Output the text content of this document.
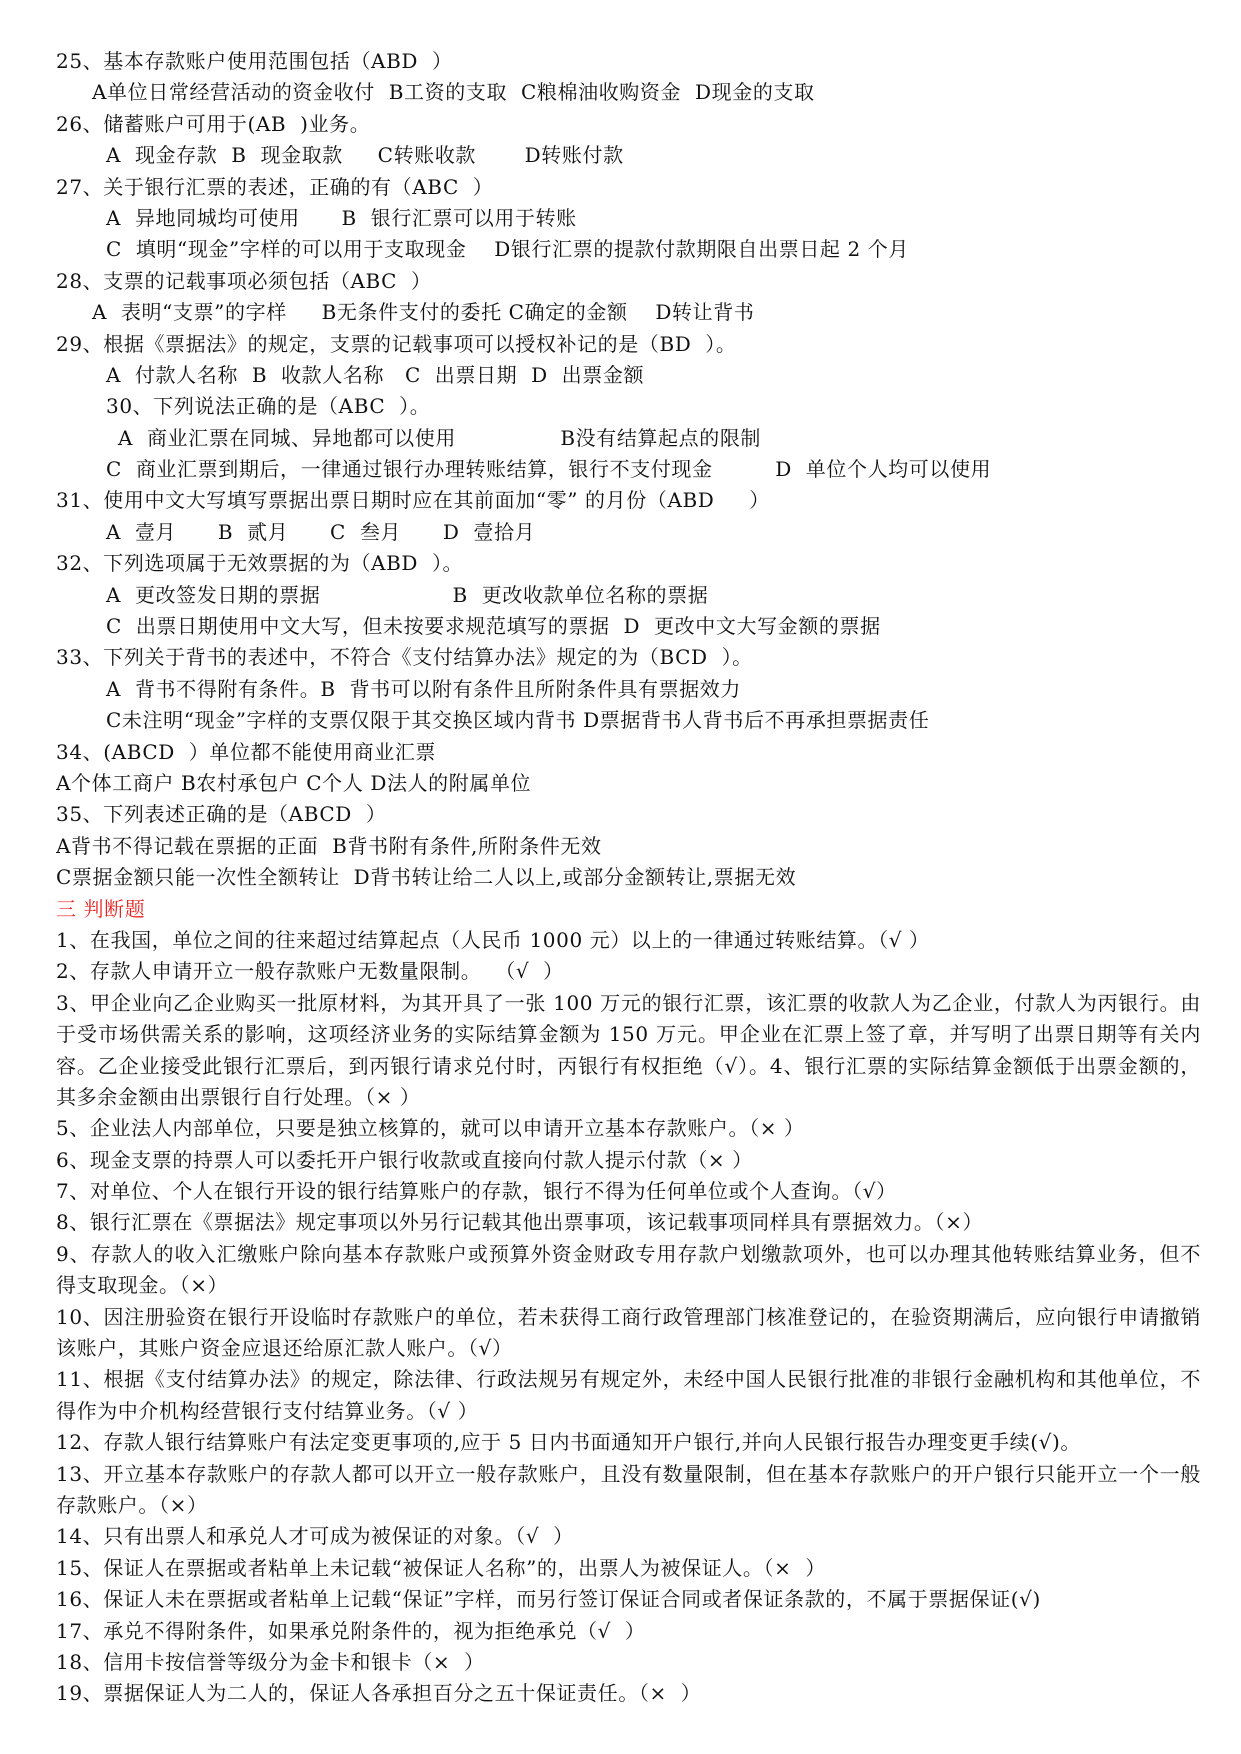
25、基本存款账户使用范围包括（ABD  ）
A单位日常经营活动的资金收付  B工资的支取  C粮棉油收购资金  D现金的支取
26、储蓄账户可用于(AB  )业务。
A  现金存款  B  现金取款     C转账收款       D转账付款
27、关于银行汇票的表述，正确的有（ABC  ）
A  异地同城均可使用      B  银行汇票可以用于转账
C  填明“现金”字样的可以用于支取现金    D银行汇票的提款付款期限自出票日起 2 个月
28、支票的记载事项必须包括（ABC  ）
A  表明“支票”的字样     B无条件支付的委托 C确定的金额    D转让背书
29、根据《票据法》的规定，支票的记载事项可以授权补记的是（BD  ）。
A  付款人名称  B  收款人名称   C  出票日期  D  出票金额
30、下列说法正确的是（ABC  ）。
A  商业汇票在同城、异地都可以使用               B没有结算起点的限制
C  商业汇票到期后，一律通过银行办理转账结算，银行不支付现金         D  单位个人均可以使用
31、使用中文大写填写票据出票日期时应在其前面加“零” 的月份（ABD     ）
A  壹月      B  贰月      C  叁月      D  壹拾月
32、下列选项属于无效票据的为（ABD  ）。
A  更改签发日期的票据                   B  更改收款单位名称的票据
C  出票日期使用中文大写，但未按要求规范填写的票据  D  更改中文大写金额的票据
33、下列关于背书的表述中，不符合《支付结算办法》规定的为（BCD  ）。
A  背书不得附有条件。B  背书可以附有条件且所附条件具有票据效力
C未注明“现金”字样的支票仅限于其交换区域内背书 D票据背书人背书后不再承担票据责任
34、(ABCD  ）单位都不能使用商业汇票
A个体工商户 B农村承包户 C个人 D法人的附属单位
35、下列表述正确的是（ABCD  ）
A背书不得记载在票据的正面  B背书附有条件,所附条件无效
C票据金额只能一次性全额转让  D背书转让给二人以上,或部分金额转让,票据无效
三 判断题
1、在我国，单位之间的往来超过结算起点（人民币 1000 元）以上的一律通过转账结算。（√ ）
2、存款人申请开立一般存款账户无数量限制。  （√  ）
3、甲企业向乙企业购买一批原材料，为其开具了一张 100 万元的银行汇票，该汇票的收款人为乙企业，付款人为丙银行。由于受市场供需关系的影响，这项经济业务的实际结算金额为 150 万元。甲企业在汇票上签了章，并写明了出票日期等有关内容。乙企业接受此银行汇票后，到丙银行请求兑付时，丙银行有权拒绝（√）。4、银行汇票的实际结算金额低于出票金额的，其多余金额由出票银行自行处理。（× ）
5、企业法人内部单位，只要是独立核算的，就可以申请开立基本存款账户。（× ）
6、现金支票的持票人可以委托开户银行收款或直接向付款人提示付款（× ）
7、对单位、个人在银行开设的银行结算账户的存款，银行不得为任何单位或个人查询。（√）
8、银行汇票在《票据法》规定事项以外另行记载其他出票事项，该记载事项同样具有票据效力。（×）
9、存款人的收入汇缴账户除向基本存款账户或预算外资金财政专用存款户划缴款项外，也可以办理其他转账结算业务，但不得支取现金。（×）
10、因注册验资在银行开设临时存款账户的单位，若未获得工商行政管理部门核准登记的，在验资期满后，应向银行申请撤销该账户，其账户资金应退还给原汇款人账户。（√）
11、根据《支付结算办法》的规定，除法律、行政法规另有规定外，未经中国人民银行批准的非银行金融机构和其他单位，不得作为中介机构经营银行支付结算业务。（√ ）
12、存款人银行结算账户有法定变更事项的,应于 5 日内书面通知开户银行,并向人民银行报告办理变更手续(√)。
13、开立基本存款账户的存款人都可以开立一般存款账户，且没有数量限制，但在基本存款账户的开户银行只能开立一个一般存款账户。（×）
14、只有出票人和承兑人才可成为被保证的对象。（√  ）
15、保证人在票据或者粘单上未记载“被保证人名称”的，出票人为被保证人。（×  ）
16、保证人未在票据或者粘单上记载“保证”字样，而另行签订保证合同或者保证条款的，不属于票据保证(√)
17、承兑不得附条件，如果承兑附条件的，视为拒绝承兑（√  ）
18、信用卡按信誉等级分为金卡和银卡（×  ）
19、票据保证人为二人的，保证人各承担百分之五十保证责任。（×  ）
